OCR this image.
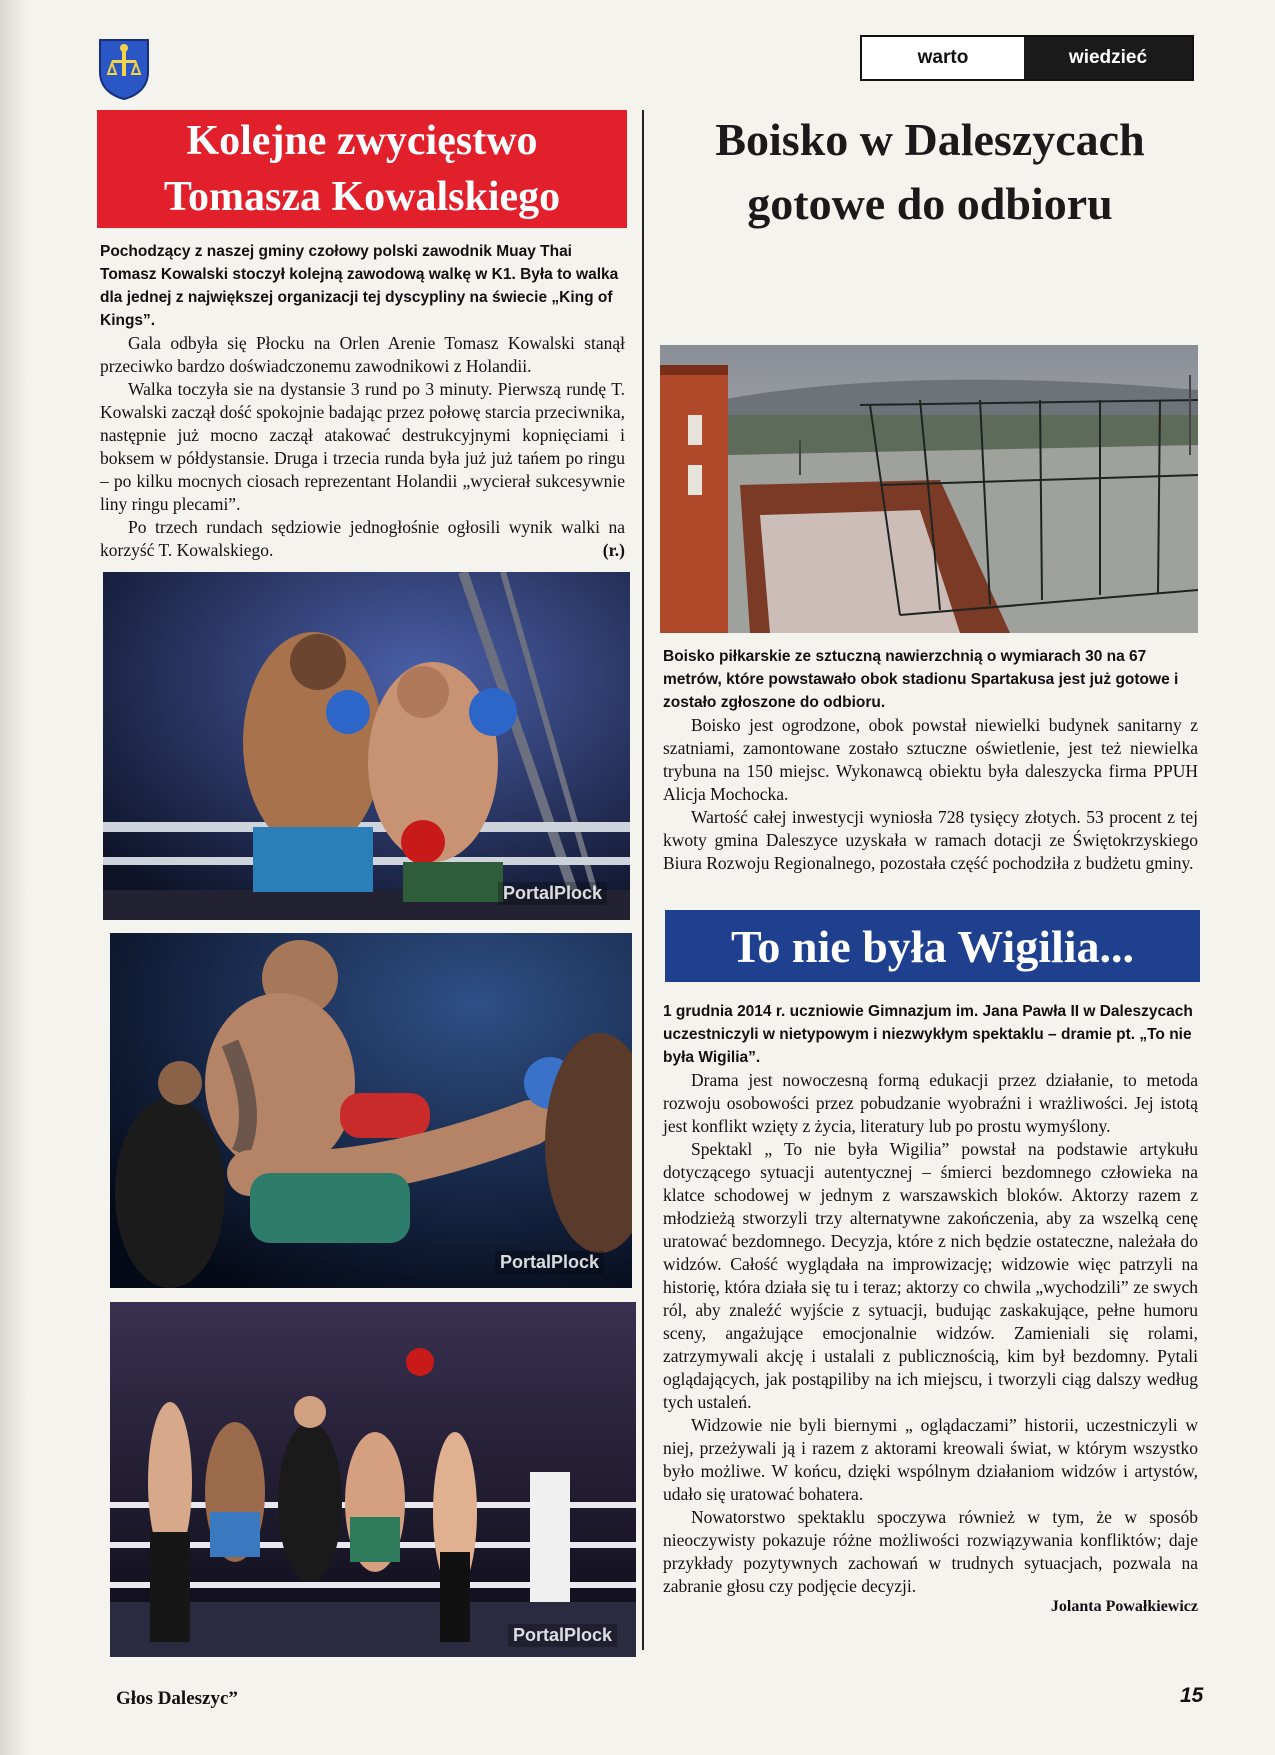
warto	wiedzieć
Kolejne zwycięstwo
Tomasza Kowalskiego

Pochodzący z naszej gminy czołowy polski zawodnik Muay Thai Tomasz Kowalski stoczył kolejną zawodową walkę w K1. Była to walka dla jednej z największej organizacji tej dyscypliny na świecie „King of Kings”.

Gala odbyła się Płocku na Orlen Arenie Tomasz Kowalski stanął przeciwko bardzo doświadczonemu zawodnikowi z Holandii.

Walka toczyła sie na dystansie 3 rund po 3 minuty. Pierwszą rundę T. Kowalski zaczął dość spokojnie badając przez połowę starcia przeciwnika, następnie już mocno zaczął atakować destrukcyjnymi kopnięciami i boksem w półdystansie. Druga i trzecia runda była już już tańem po ringu – po kilku mocnych ciosach reprezentant Holandii „wycierał sukcesywnie liny ringu plecami”.

Po trzech rundach sędziowie jednogłośnie ogłosili wynik walki na korzyść T. Kowalskiego.	(r.)

PortalPlock
PortalPlock
PortalPlock
Boisko w Daleszycach
gotowe do odbioru

Boisko piłkarskie ze sztuczną nawierzchnią o wymiarach 30 na 67 metrów, które powstawało obok stadionu Spartakusa jest już gotowe i zostało zgłoszone do odbioru.

Boisko jest ogrodzone, obok powstał niewielki budynek sanitarny z szatniami, zamontowane zostało sztuczne oświetlenie, jest też niewielka trybuna na 150 miejsc. Wykonawcą obiektu była daleszycka firma PPUH Alicja Mochocka.

Wartość całej inwestycji wyniosła 728 tysięcy złotych. 53 procent z tej kwoty gmina Daleszyce uzyskała w ramach dotacji ze Świętokrzyskiego Biura Rozwoju Regionalnego, pozostała część pochodziła z budżetu gminy.

To nie była Wigilia...

1 grudnia 2014 r. uczniowie Gimnazjum im. Jana Pawła II w Daleszycach uczestniczyli w nietypowym i niezwykłym spektaklu – dramie pt. „To nie była Wigilia”.

Drama jest nowoczesną formą edukacji przez działanie, to metoda rozwoju osobowości przez pobudzanie wyobraźni i wrażliwości. Jej istotą jest konflikt wzięty z życia, literatury lub po prostu wymyślony.

Spektakl „ To nie była Wigilia” powstał na podstawie artykułu dotyczącego sytuacji autentycznej – śmierci bezdomnego człowieka na klatce schodowej w jednym z warszawskich bloków. Aktorzy razem z młodzieżą stworzyli trzy alternatywne zakończenia, aby za wszelką cenę uratować bezdomnego. Decyzja, które z nich będzie ostateczne, należała do widzów. Całość wyglądała na improwizację; widzowie więc patrzyli na historię, która działa się tu i teraz; aktorzy co chwila „wychodzili” ze swych ról, aby znaleźć wyjście z sytuacji, budując zaskakujące, pełne humoru sceny, angażujące emocjonalnie widzów. Zamieniali się rolami, zatrzymywali akcję i ustalali z publicznością, kim był bezdomny. Pytali oglądających, jak postąpiliby na ich miejscu, i tworzyli ciąg dalszy według tych ustaleń.

Widzowie nie byli biernymi „ oglądaczami” historii, uczestniczyli w niej, przeżywali ją i razem z aktorami kreowali świat, w którym wszystko było możliwe. W końcu, dzięki wspólnym działaniom widzów i artystów, udało się uratować bohatera.

Nowatorstwo spektaklu spoczywa również w tym, że w sposób nieoczywisty pokazuje różne możliwości rozwiązywania konfliktów; daje przykłady pozytywnych zachowań w trudnych sytuacjach, pozwala na zabranie głosu czy podjęcie decyzji.

Jolanta Powałkiewicz

Głos Daleszyc”	15
